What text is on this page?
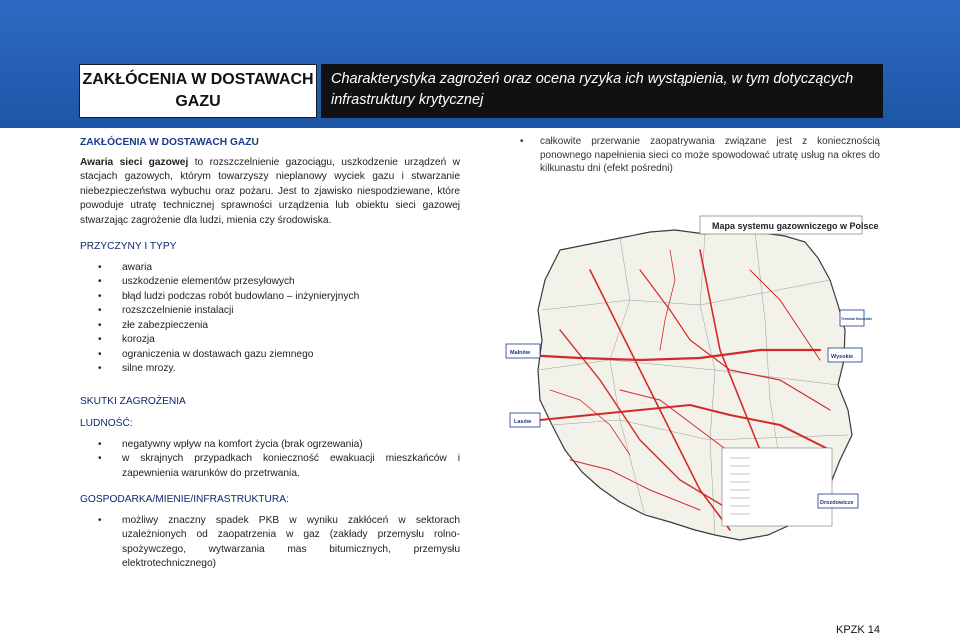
ZAKŁÓCENIA W DOSTAWACH GAZU
Charakterystyka zagrożeń oraz ocena ryzyka ich wystąpienia, w tym dotyczących infrastruktury krytycznej
ZAKŁÓCENIA W DOSTAWACH GAZU
Awaria sieci gazowej to rozszczelnienie gazociągu, uszkodzenie urządzeń w stacjach gazowych, którym towarzyszy nieplanowy wyciek gazu i stwarzanie niebezpieczeństwa wybuchu oraz pożaru. Jest to zjawisko niespodziewane, które powoduje utratę technicznej sprawności urządzenia lub obiektu sieci gazowej stwarzając zagrożenie dla ludzi, mienia czy środowiska.
PRZYCZYNY I TYPY
• awaria
• uszkodzenie elementów przesyłowych
• błąd ludzi podczas robót budowlano – inżynieryjnych
• rozszczelnienie instalacji
• złe zabezpieczenia
• korozja
• ograniczenia w dostawach gazu ziemnego
• silne mrozy.
SKUTKI ZAGROŻENIA
LUDNOŚĆ:
• negatywny wpływ na komfort życia (brak ogrzewania)
• w skrajnych przypadkach konieczność ewakuacji mieszkańców i zapewnienia warunków do przetrwania.
GOSPODARKA/MIENIE/INFRASTRUKTURA:
• możliwy znaczny spadek PKB w wyniku zakłóceń w sektorach uzależnionych od zaopatrzenia w gaz (zakłady przemysłu rolno-spożywczego, wytwarzania mas bitumicznych, przemysłu elektrotechnicznego)
• całkowite przerwanie zaopatrywania związane jest z koniecznością ponownego napełnienia sieci co może spowodować utratę usług na okres do kilkunastu dni (efekt pośredni)
Mapa systemu gazowniczego w Polsce
Malnów
Lasów
Wysokie
Terminal Kondratki
Drozdowicze
KPZK 14
